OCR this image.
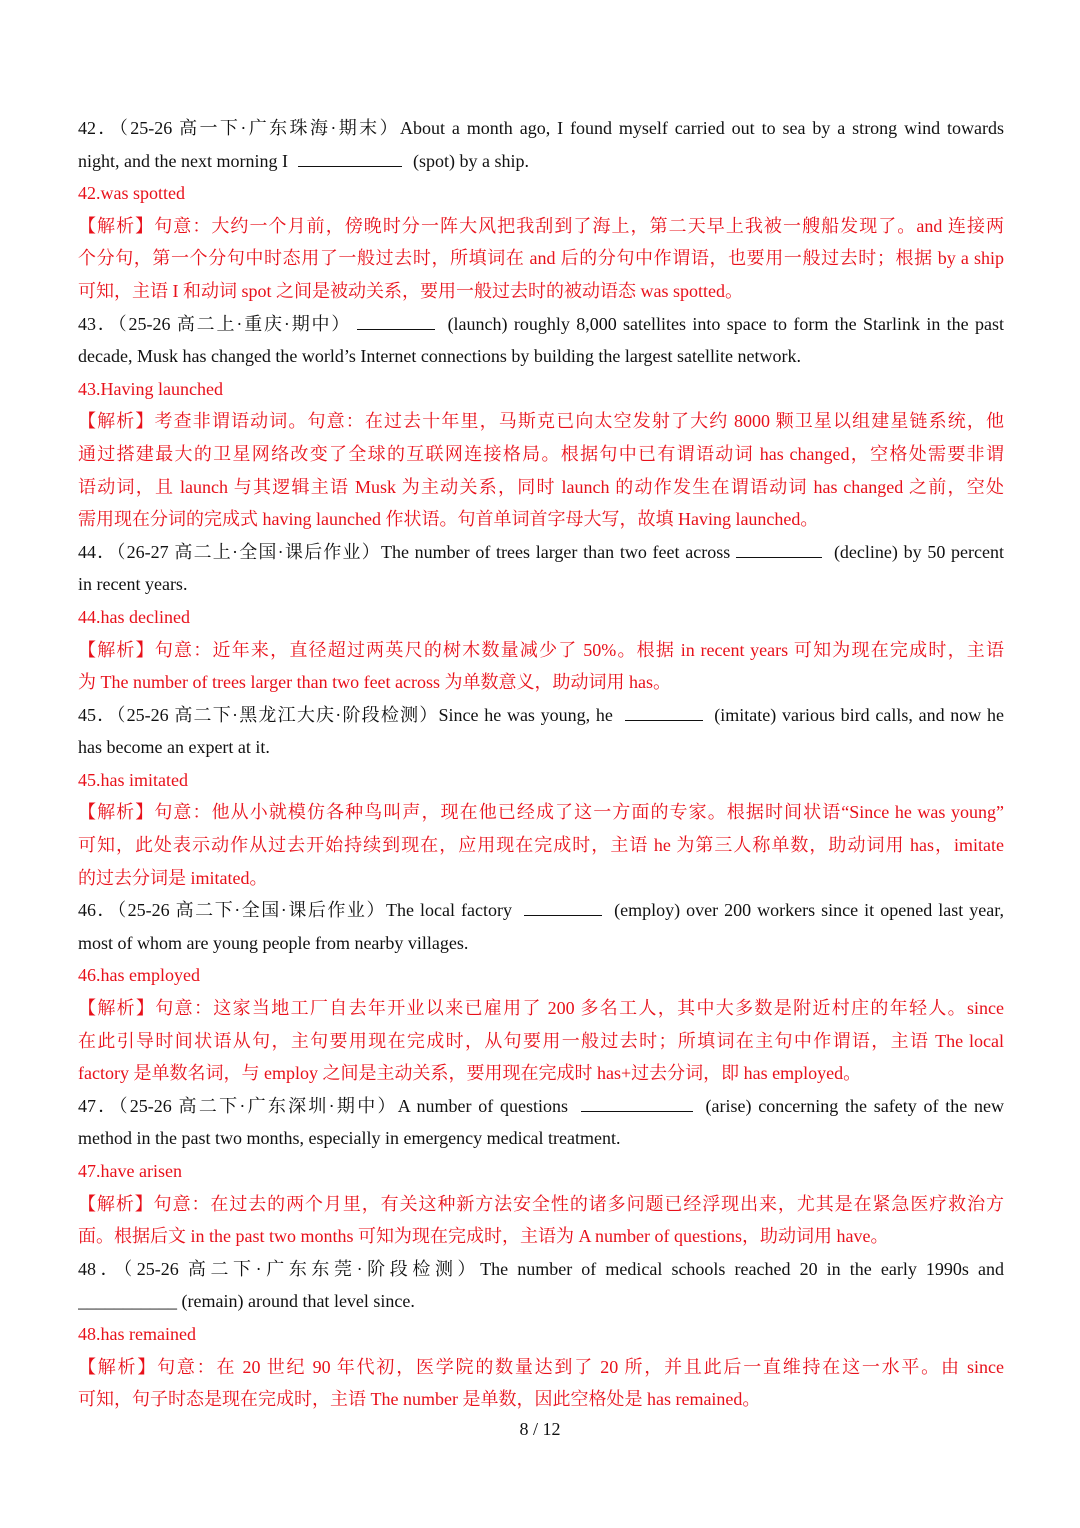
42．（25-26 高一下·广东珠海·期末）About a month ago, I found myself carried out to sea by a strong wind towards
night, and the next morning I	(spot) by a ship.
42.was spotted
【解析】句意：大约一个月前，傍晚时分一阵大风把我刮到了海上，第二天早上我被一艘船发现了。and 连接两
个分句，第一个分句中时态用了一般过去时，所填词在 and 后的分句中作谓语，也要用一般过去时；根据 by a ship
可知，主语 I 和动词 spot 之间是被动关系，要用一般过去时的被动语态 was spotted。
43．（25-26 高二上·重庆·期中）	(launch) roughly 8,000 satellites into space to form the Starlink in the past
decade, Musk has changed the world’s Internet connections by building the largest satellite network.
43.Having launched
【解析】考查非谓语动词。句意：在过去十年里，马斯克已向太空发射了大约 8000 颗卫星以组建星链系统，他
通过搭建最大的卫星网络改变了全球的互联网连接格局。根据句中已有谓语动词 has changed，空格处需要非谓
语动词，且 launch 与其逻辑主语 Musk 为主动关系，同时 launch 的动作发生在谓语动词 has changed 之前，空处
需用现在分词的完成式 having launched 作状语。句首单词首字母大写，故填 Having launched。
44．（26-27 高二上·全国·课后作业）The number of trees larger than two feet across	(decline) by 50 percent
in recent years.
44.has declined
【解析】句意：近年来，直径超过两英尺的树木数量减少了 50%。根据 in recent years 可知为现在完成时，主语
为 The number of trees larger than two feet across 为单数意义，助动词用 has。
45．（25-26 高二下·黑龙江大庆·阶段检测）Since he was young, he	(imitate) various bird calls, and now he
has become an expert at it.
45.has imitated
【解析】句意：他从小就模仿各种鸟叫声，现在他已经成了这一方面的专家。根据时间状语“Since he was young”
可知，此处表示动作从过去开始持续到现在，应用现在完成时，主语 he 为第三人称单数，助动词用 has，imitate
的过去分词是 imitated。
46．（25-26 高二下·全国·课后作业）The local factory	(employ) over 200 workers since it opened last year,
most of whom are young people from nearby villages.
46.has employed
【解析】句意：这家当地工厂自去年开业以来已雇用了 200 多名工人，其中大多数是附近村庄的年轻人。since
在此引导时间状语从句，主句要用现在完成时，从句要用一般过去时；所填词在主句中作谓语，主语 The local
factory 是单数名词，与 employ 之间是主动关系，要用现在完成时 has+过去分词，即 has employed。
47．（25-26 高二下·广东深圳·期中）A number of questions	(arise) concerning the safety of the new
method in the past two months, especially in emergency medical treatment.
47.have arisen
【解析】句意：在过去的两个月里，有关这种新方法安全性的诸多问题已经浮现出来，尤其是在紧急医疗救治方
面。根据后文 in the past two months 可知为现在完成时，主语为 A number of questions，助动词用 have。
48．（25-26 高二下·广东东莞·阶段检测）The number of medical schools reached 20 in the early 1990s and
___________ (remain) around that level since.
48.has remained
【解析】句意：在 20 世纪 90 年代初，医学院的数量达到了 20 所，并且此后一直维持在这一水平。由 since
可知，句子时态是现在完成时，主语 The number 是单数，因此空格处是 has remained。
8 / 12
